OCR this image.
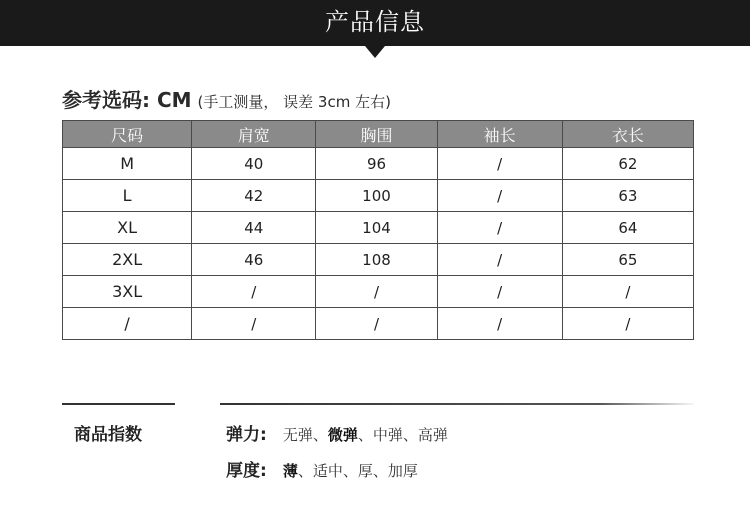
产品信息
参考选码: CM (手工测量， 误差 3cm 左右)
尺码	肩宽	胸围	袖长	衣长
M	40	96	/	62
L	42	100	/	63
XL	44	104	/	64
2XL	46	108	/	65
3XL	/	/	/	/
/	/	/	/	/
商品指数	弹力: 无弹、微弹、中弹、高弹
厚度: 薄、适中、厚、加厚
